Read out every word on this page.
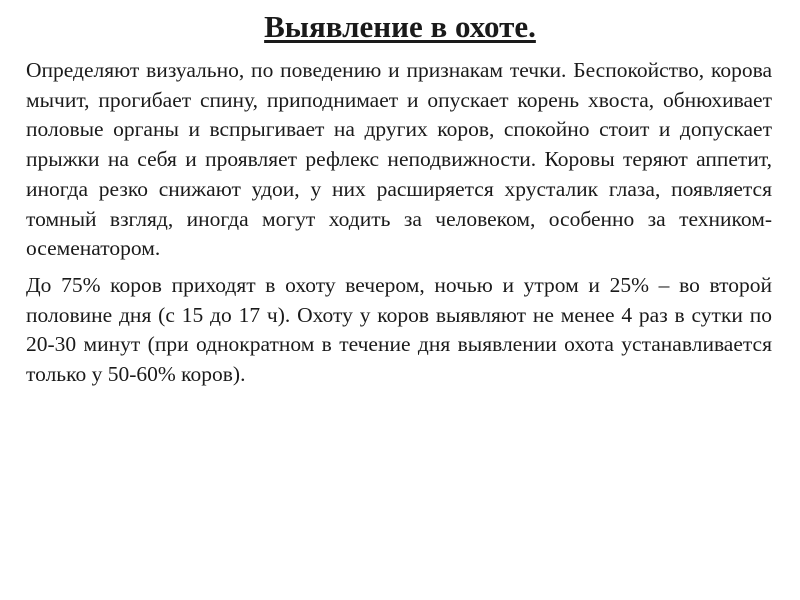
Выявление в охоте.

Определяют визуально, по поведению и признакам течки. Беспокойство, корова мычит, прогибает спину, приподнимает и опускает корень хвоста, обнюхивает половые органы и вспрыгивает на других коров, спокойно стоит и допускает прыжки на себя и проявляет рефлекс неподвижности. Коровы теряют аппетит, иногда резко снижают удои, у них расширяется хрусталик глаза, появляется томный взгляд, иногда могут ходить за человеком, особенно за техником-осеменатором.

До 75% коров приходят в охоту вечером, ночью и утром и 25% – во второй половине дня (с 15 до 17 ч). Охоту у коров выявляют не менее 4 раз в сутки по 20-30 минут (при однократном в течение дня выявлении охота устанавливается только у 50-60% коров).
